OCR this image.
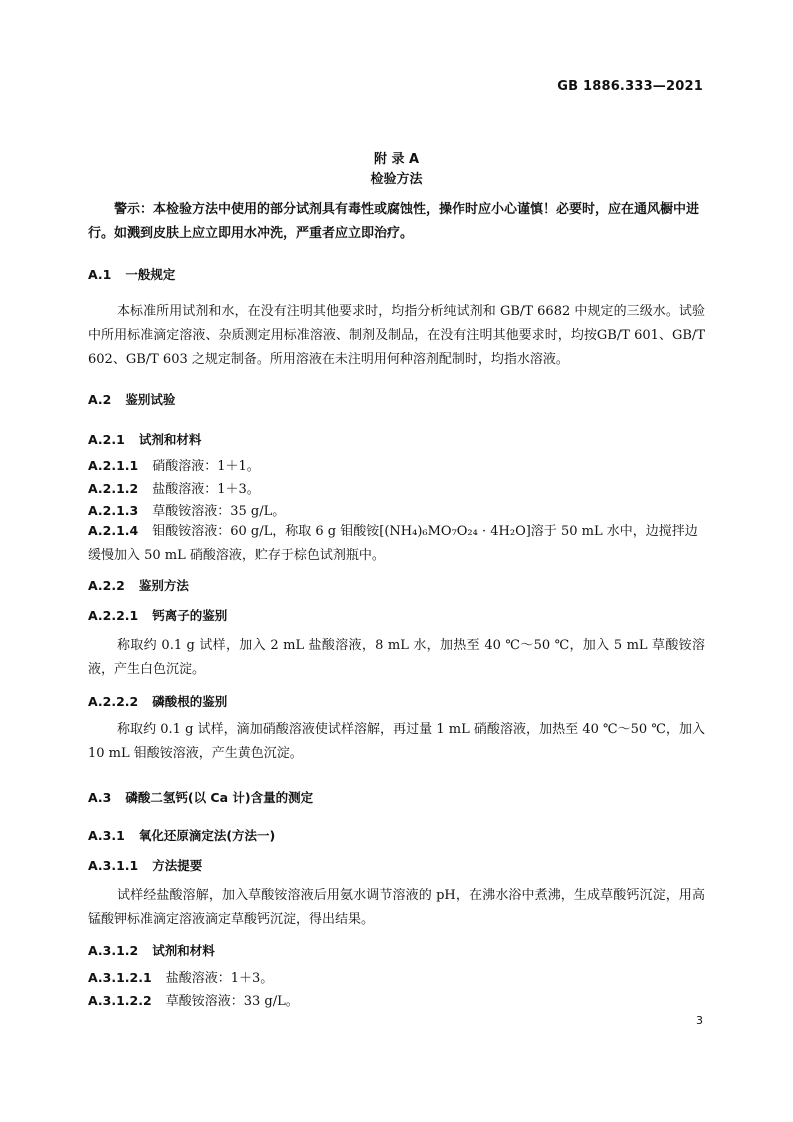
GB 1886.333—2021
附 录 A
检验方法
警示：本检验方法中使用的部分试剂具有毒性或腐蚀性，操作时应小心谨慎！必要时，应在通风橱中进行。如溅到皮肤上应立即用水冲洗，严重者应立即治疗。
A.1 一般规定
本标准所用试剂和水，在没有注明其他要求时，均指分析纯试剂和 GB/T 6682 中规定的三级水。试验中所用标准滴定溶液、杂质测定用标准溶液、制剂及制品，在没有注明其他要求时，均按GB/T 601、GB/T 602、GB/T 603 之规定制备。所用溶液在未注明用何种溶剂配制时，均指水溶液。
A.2 鉴别试验
A.2.1 试剂和材料
A.2.1.1 硝酸溶液：1＋1。
A.2.1.2 盐酸溶液：1＋3。
A.2.1.3 草酸铵溶液：35 g/L。
A.2.1.4 钼酸铵溶液：60 g/L，称取 6 g 钼酸铵[(NH₄)₆MO₇O₂₄ · 4H₂O]溶于 50 mL 水中，边搅拌边缓慢加入 50 mL 硝酸溶液，贮存于棕色试剂瓶中。
A.2.2 鉴别方法
A.2.2.1 钙离子的鉴别
称取约 0.1 g 试样，加入 2 mL 盐酸溶液，8 mL 水，加热至 40 ℃～50 ℃，加入 5 mL 草酸铵溶液，产生白色沉淀。
A.2.2.2 磷酸根的鉴别
称取约 0.1 g 试样，滴加硝酸溶液使试样溶解，再过量 1 mL 硝酸溶液，加热至 40 ℃～50 ℃，加入 10 mL 钼酸铵溶液，产生黄色沉淀。
A.3 磷酸二氢钙(以 Ca 计)含量的测定
A.3.1 氧化还原滴定法(方法一)
A.3.1.1 方法提要
试样经盐酸溶解，加入草酸铵溶液后用氨水调节溶液的 pH，在沸水浴中煮沸，生成草酸钙沉淀，用高锰酸钾标准滴定溶液滴定草酸钙沉淀，得出结果。
A.3.1.2 试剂和材料
A.3.1.2.1 盐酸溶液：1＋3。
A.3.1.2.2 草酸铵溶液：33 g/L。
3
